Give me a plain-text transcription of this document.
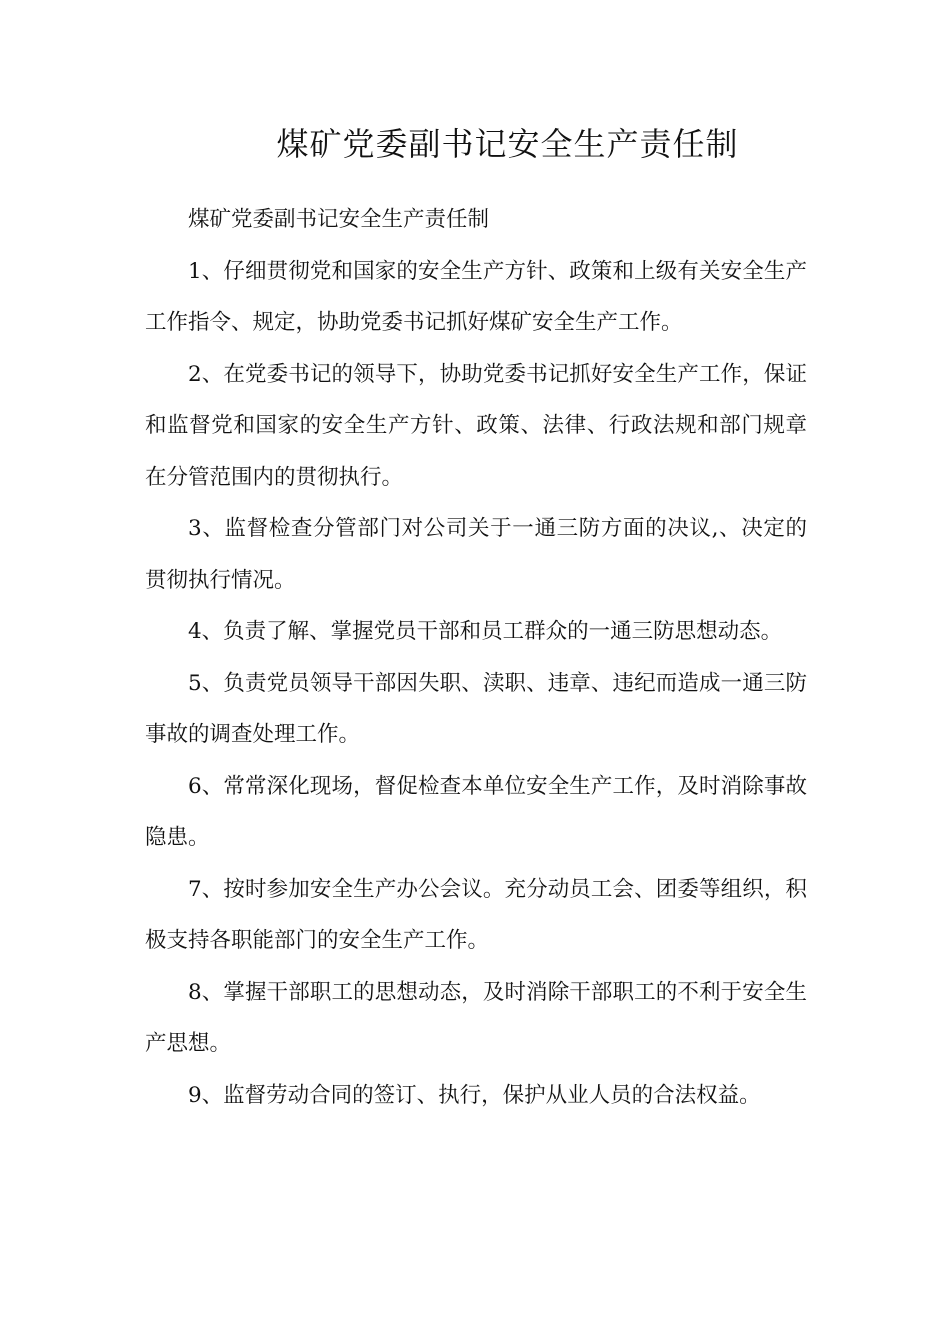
煤矿党委副书记安全生产责任制

煤矿党委副书记安全生产责任制

1、仔细贯彻党和国家的安全生产方针、政策和上级有关安全生产工作指令、规定，协助党委书记抓好煤矿安全生产工作。

2、在党委书记的领导下，协助党委书记抓好安全生产工作，保证和监督党和国家的安全生产方针、政策、法律、行政法规和部门规章在分管范围内的贯彻执行。

3、监督检查分管部门对公司关于一通三防方面的决议,、决定的贯彻执行情况。

4、负责了解、掌握党员干部和员工群众的一通三防思想动态。

5、负责党员领导干部因失职、渎职、违章、违纪而造成一通三防事故的调查处理工作。

6、常常深化现场，督促检查本单位安全生产工作，及时消除事故隐患。

7、按时参加安全生产办公会议。充分动员工会、团委等组织，积极支持各职能部门的安全生产工作。

8、掌握干部职工的思想动态，及时消除干部职工的不利于安全生产思想。

9、监督劳动合同的签订、执行，保护从业人员的合法权益。
